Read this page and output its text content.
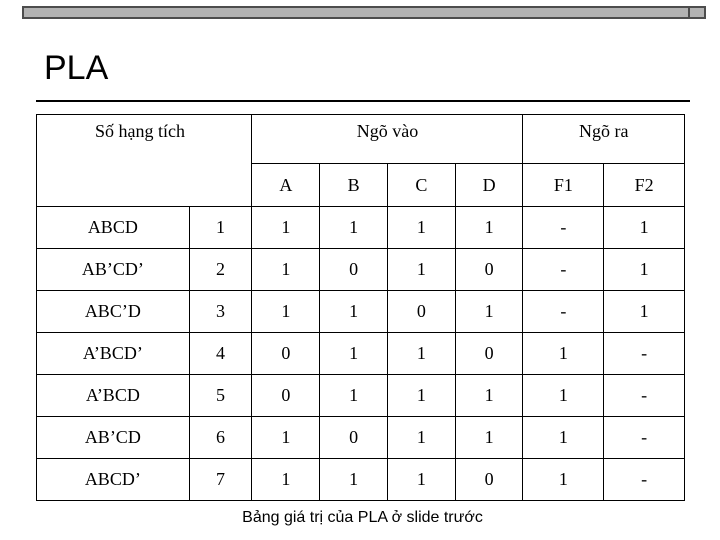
PLA
Số hạng tích		Ngõ vào				Ngõ ra	
		A	B	C	D	F1	F2
ABCD	1	1	1	1	1	-	1
AB’CD’	2	1	0	1	0	-	1
ABC’D	3	1	1	0	1	-	1
A’BCD’	4	0	1	1	0	1	-
A’BCD	5	0	1	1	1	1	-
AB’CD	6	1	0	1	1	1	-
ABCD’	7	1	1	1	0	1	-
Bảng giá trị của PLA ở slide trước
